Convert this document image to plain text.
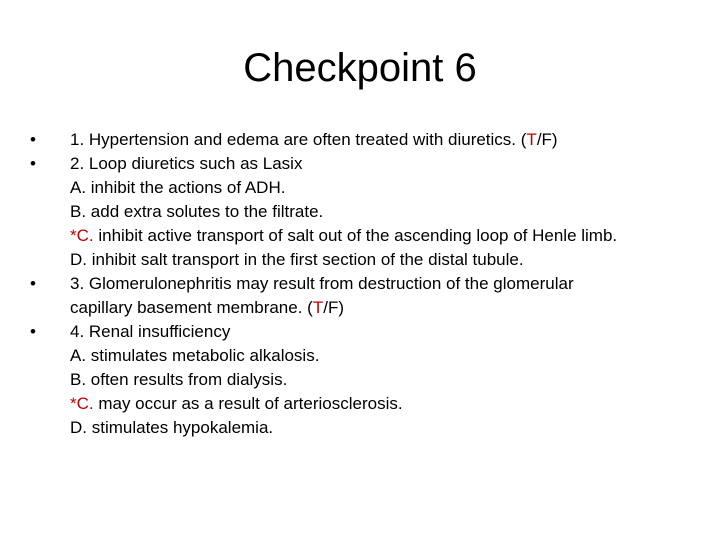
Checkpoint 6
•	1. Hypertension and edema are often treated with diuretics. (T/F)
•	2. Loop diuretics such as Lasix
A. inhibit the actions of ADH.
B. add extra solutes to the filtrate.
*C. inhibit active transport of salt out of the ascending loop of Henle limb.
D. inhibit salt transport in the first section of the distal tubule.
•	3. Glomerulonephritis may result from destruction of the glomerular
capillary basement membrane. (T/F)
•	4. Renal insufficiency
A. stimulates metabolic alkalosis.
B. often results from dialysis.
*C. may occur as a result of arteriosclerosis.
D. stimulates hypokalemia.
